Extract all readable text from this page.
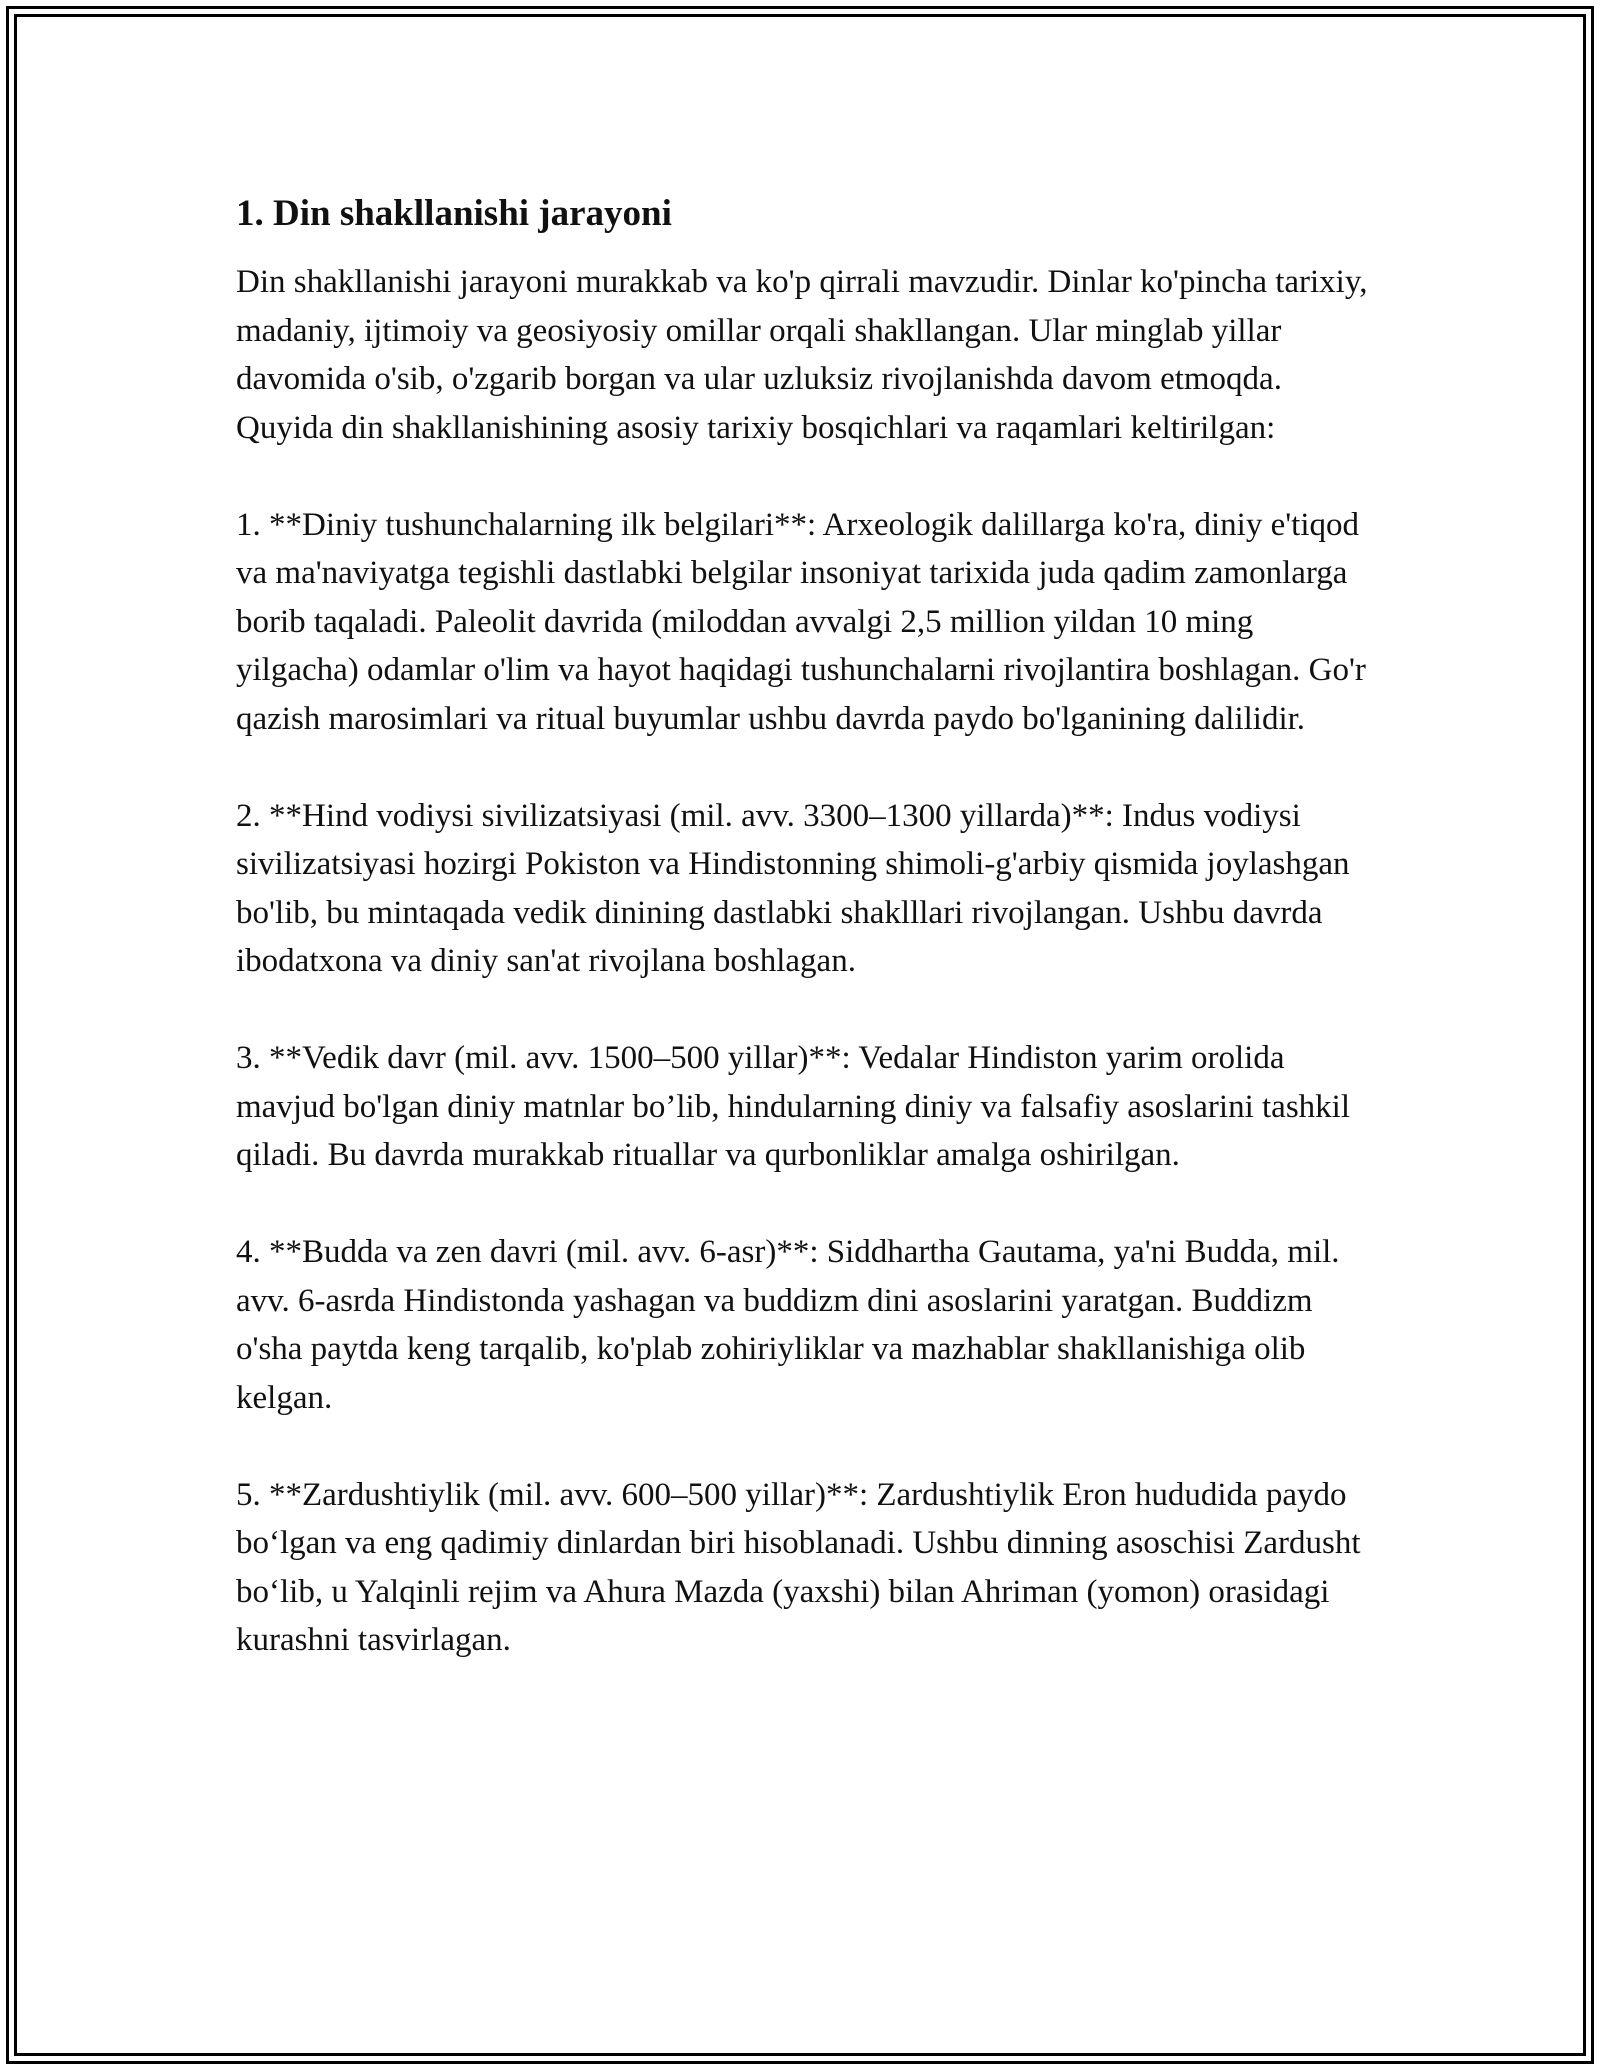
1. Din shakllanishi jarayoni

Din shakllanishi jarayoni murakkab va ko'p qirrali mavzudir. Dinlar ko'pincha tarixiy, madaniy, ijtimoiy va geosiyosiy omillar orqali shakllangan. Ular minglab yillar davomida o'sib, o'zgarib borgan va ular uzluksiz rivojlanishda davom etmoqda. Quyida din shakllanishining asosiy tarixiy bosqichlari va raqamlari keltirilgan:

1. **Diniy tushunchalarning ilk belgilari**: Arxeologik dalillarga ko'ra, diniy e'tiqod va ma'naviyatga tegishli dastlabki belgilar insoniyat tarixida juda qadim zamonlarga borib taqaladi. Paleolit davrida (miloddan avvalgi 2,5 million yildan 10 ming yilgacha) odamlar o'lim va hayot haqidagi tushunchalarni rivojlantira boshlagan. Go'r qazish marosimlari va ritual buyumlar ushbu davrda paydo bo'lganining dalilidir.

2. **Hind vodiysi sivilizatsiyasi (mil. avv. 3300–1300 yillarda)**: Indus vodiysi sivilizatsiyasi hozirgi Pokiston va Hindistonning shimoli-g'arbiy qismida joylashgan bo'lib, bu mintaqada vedik dinining dastlabki shaklllari rivojlangan. Ushbu davrda ibodatxona va diniy san'at rivojlana boshlagan.

3. **Vedik davr (mil. avv. 1500–500 yillar)**: Vedalar Hindiston yarim orolida mavjud bo'lgan diniy matnlar bo’lib, hindularning diniy va falsafiy asoslarini tashkil qiladi. Bu davrda murakkab rituallar va qurbonliklar amalga oshirilgan.

4. **Budda va zen davri (mil. avv. 6-asr)**: Siddhartha Gautama, ya'ni Budda, mil. avv. 6-asrda Hindistonda yashagan va buddizm dini asoslarini yaratgan. Buddizm o'sha paytda keng tarqalib, ko'plab zohiriyliklar va mazhablar shakllanishiga olib kelgan.

5. **Zardushtiylik (mil. avv. 600–500 yillar)**: Zardushtiylik Eron hududida paydo boʻlgan va eng qadimiy dinlardan biri hisoblanadi. Ushbu dinning asoschisi Zardusht boʻlib, u Yalqinli rejim va Ahura Mazda (yaxshi) bilan Ahriman (yomon) orasidagi kurashni tasvirlagan.
